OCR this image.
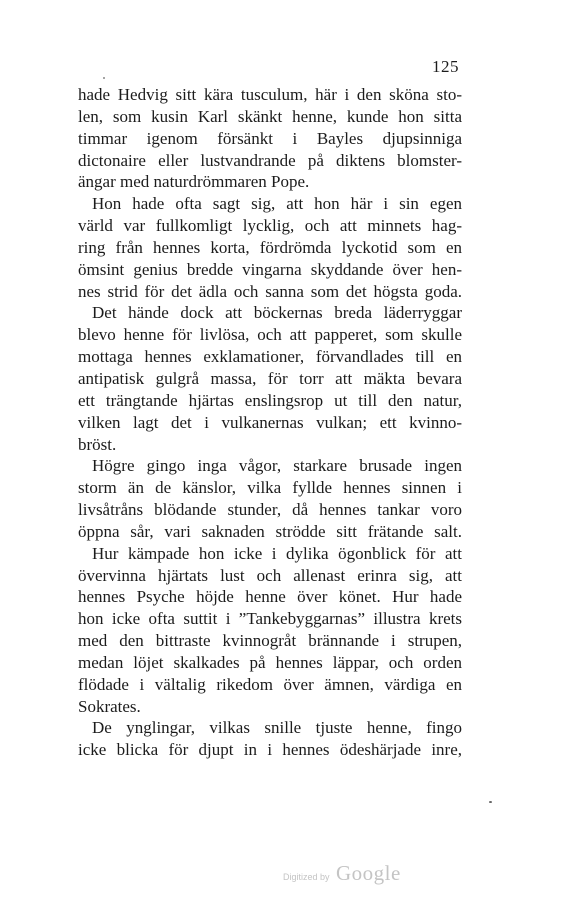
125
hade Hedvig sitt kära tusculum, här i den sköna sto-
len, som kusin Karl skänkt henne, kunde hon sitta
timmar igenom försänkt i Bayles djupsinniga
dictonaire eller lustvandrande på diktens blomster-
ängar med naturdrömmaren Pope.
Hon hade ofta sagt sig, att hon här i sin egen
värld var fullkomligt lycklig, och att minnets hag-
ring från hennes korta, fördrömda lyckotid som en
ömsint genius bredde vingarna skyddande över hen-
nes strid för det ädla och sanna som det högsta goda.
Det hände dock att böckernas breda läderryggar
blevo henne för livlösa, och att papperet, som skulle
mottaga hennes exklamationer, förvandlades till en
antipatisk gulgrå massa, för torr att mäkta bevara
ett trängtande hjärtas enslingsrop ut till den natur,
vilken lagt det i vulkanernas vulkan; ett kvinno-
bröst.
Högre gingo inga vågor, starkare brusade ingen
storm än de känslor, vilka fyllde hennes sinnen i
livsåtråns blödande stunder, då hennes tankar voro
öppna sår, vari saknaden strödde sitt frätande salt.
Hur kämpade hon icke i dylika ögonblick för att
övervinna hjärtats lust och allenast erinra sig, att
hennes Psyche höjde henne över könet. Hur hade
hon icke ofta suttit i ”Tankebyggarnas” illustra krets
med den bittraste kvinnogråt brännande i strupen,
medan löjet skalkades på hennes läppar, och orden
flödade i vältalig rikedom över ämnen, värdiga en
Sokrates.
De ynglingar, vilkas snille tjuste henne, fingo
icke blicka för djupt in i hennes ödeshärjade inre,
Digitized by Google
